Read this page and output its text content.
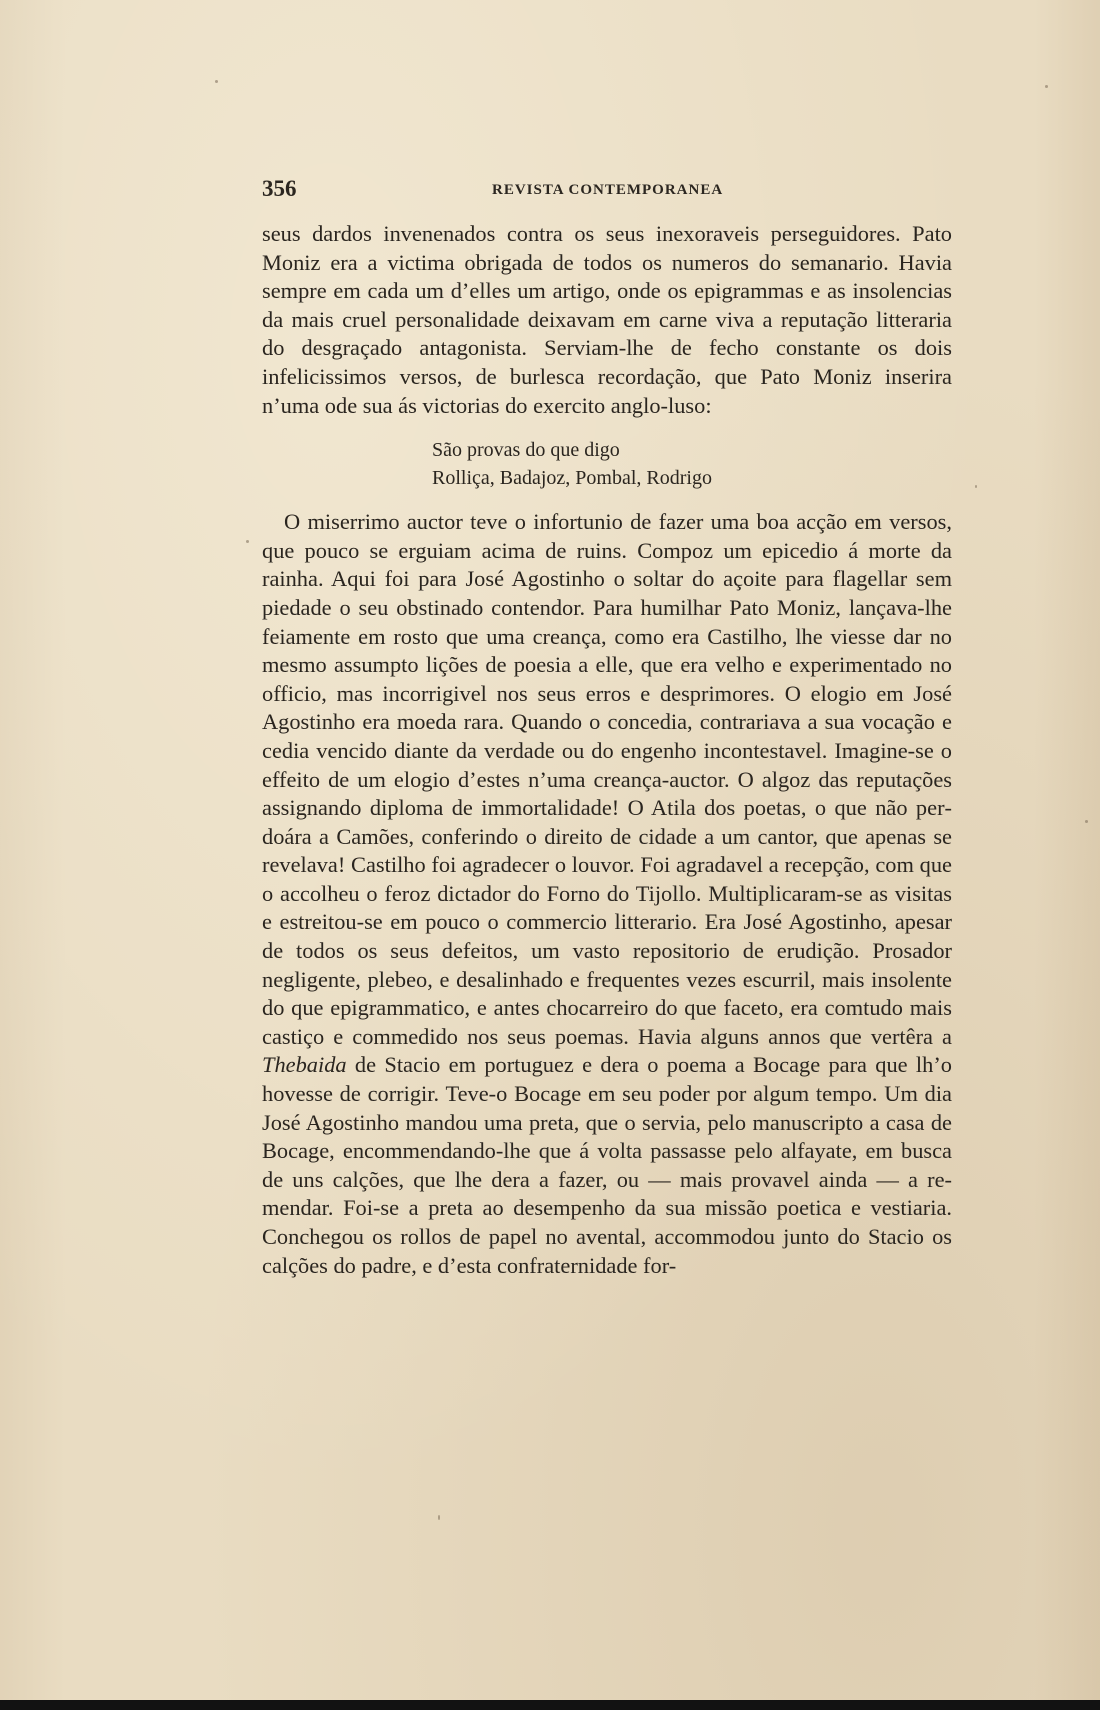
356	REVISTA CONTEMPORANEA

seus dardos invenenados contra os seus inexoraveis perseguidores. Pato Moniz era a victima obrigada de todos os numeros do semanario. Havia sempre em cada um d’elles um artigo, onde os epigrammas e as insolencias da mais cruel personalidade deixavam em carne viva a reputação litteraria do desgraçado antagonista. Serviam-lhe de fecho constante os dois infelicissimos versos, de burlesca recordação, que Pato Moniz inserira n’uma ode sua ás victorias do exercito anglo-luso:

São provas do que digo
Rolliça, Badajoz, Pombal, Rodrigo

O miserrimo auctor teve o infortunio de fazer uma boa acção em versos, que pouco se erguiam acima de ruins. Compoz um epicedio á morte da rainha. Aqui foi para José Agostinho o soltar do açoite para flagellar sem piedade o seu obstinado contendor. Para humilhar Pato Moniz, lançava-lhe feiamente em rosto que uma creança, como era Castilho, lhe viesse dar no mesmo assumpto lições de poesia a elle, que era velho e experimentado no officio, mas incorrigivel nos seus erros e desprimores. O elogio em José Agostinho era moeda rara. Quando o concedia, contrariava a sua vocação e cedia vencido diante da verdade ou do engenho incontestavel. Imagine-se o effeito de um elogio d’estes n’uma creança-auctor. O algoz das reputações assignando diploma de immortalidade! O Atila dos poetas, o que não perdoára a Camões, conferindo o direito de cidade a um cantor, que apenas se revelava! Castilho foi agradecer o louvor. Foi agradavel a recepção, com que o accolheu o feroz dictador do Forno do Tijollo. Multiplicaram-se as visitas e estreitou-se em pouco o commercio litterario. Era José Agostinho, apesar de todos os seus defeitos, um vasto repositorio de erudição. Prosador negligente, plebeo, e desalinhado e frequentes vezes escurril, mais insolente do que epigrammatico, e antes chocarreiro do que faceto, era comtudo mais castiço e commedido nos seus poemas. Havia alguns annos que vertêra a Thebaida de Stacio em portuguez e dera o poema a Bocage para que lh’o hovesse de corrigir. Teve-o Bocage em seu poder por algum tempo. Um dia José Agostinho mandou uma preta, que o servia, pelo manuscripto a casa de Bocage, encommendando-lhe que á volta passasse pelo alfayate, em busca de uns calções, que lhe dera a fazer, ou — mais provavel ainda — a remendar. Foi-se a preta ao desempenho da sua missão poetica e vestiaria. Conchegou os rollos de papel no avental, accommodou junto do Stacio os calções do padre, e d’esta confraternidade for-
